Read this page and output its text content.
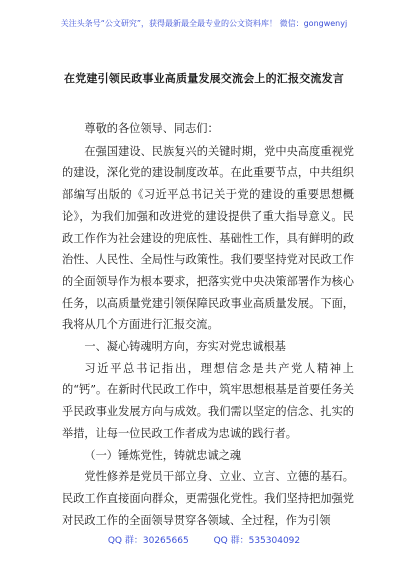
关注头条号“公文研究”，获得最新最全最专业的公文资料库！ 微信：gongwenyj
在党建引领民政事业高质量发展交流会上的汇报交流发言

尊敬的各位领导、同志们：

在强国建设、民族复兴的关键时期，党中央高度重视党的建设，深化党的建设制度改革。在此重要节点，中共组织部编写出版的《习近平总书记关于党的建设的重要思想概论》，为我们加强和改进党的建设提供了重大指导意义。民政工作作为社会建设的兜底性、基础性工作，具有鲜明的政治性、人民性、全局性与政策性。我们要坚持党对民政工作的全面领导作为根本要求，把落实党中央决策部署作为核心任务，以高质量党建引领保障民政事业高质量发展。下面，我将从几个方面进行汇报交流。

一、凝心铸魂明方向，夯实对党忠诚根基

习近平总书记指出，理想信念是共产党人精神上的“钙”。在新时代民政工作中，筑牢思想根基是首要任务关乎民政事业发展方向与成效。我们需以坚定的信念、扎实的举措，让每一位民政工作者成为忠诚的践行者。

（一）锤炼党性，铸就忠诚之魂

党性修养是党员干部立身、立业、立言、立德的基石。民政工作直接面向群众，更需强化党性。我们坚持把加强党对民政工作的全面领导贯穿各领域、全过程，作为引领

QQ 群：30265665	QQ 群：535304092
